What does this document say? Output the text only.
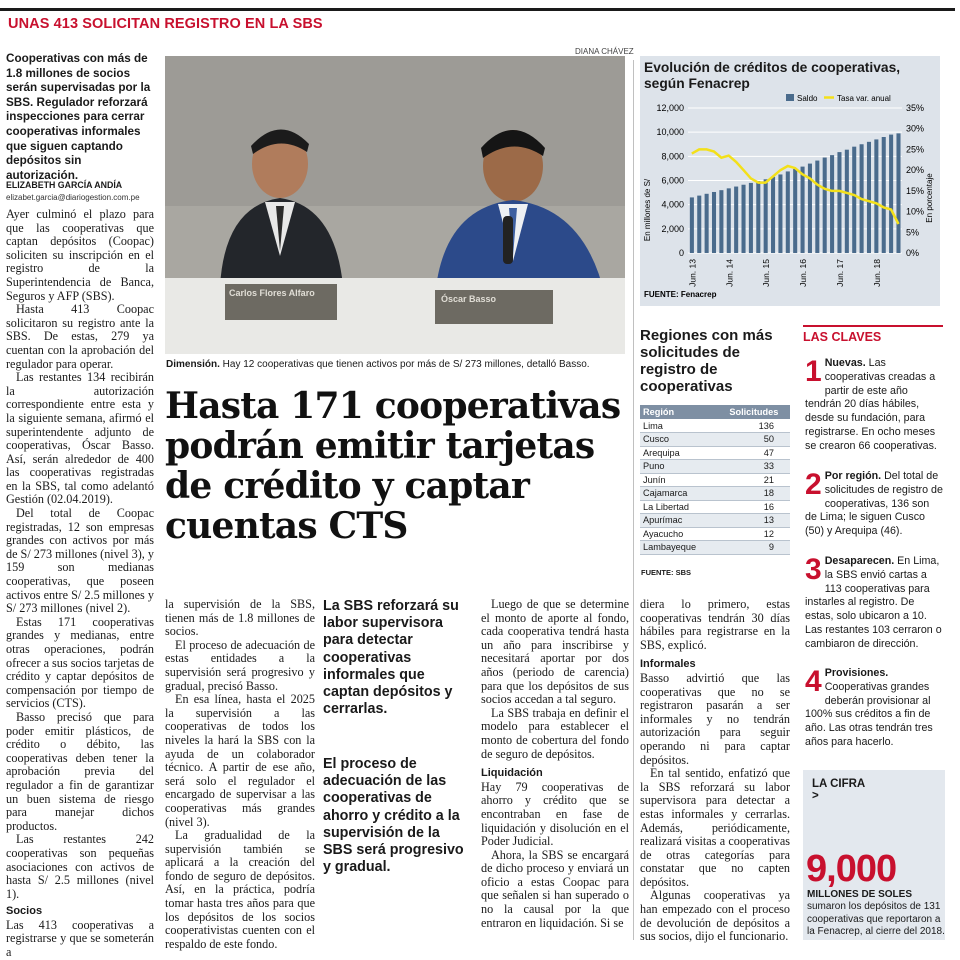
UNAS 413 SOLICITAN REGISTRO EN LA SBS
Cooperativas con más de 1.8 millones de socios serán supervisadas por la SBS. Regulador reforzará inspecciones para cerrar cooperativas informales que siguen captando depósitos sin autorización.
ELIZABETH GARCÍA ANDÍA
elizabet.garcia@diariogestion.com.pe

Ayer culminó el plazo para que las cooperativas que captan depósitos (Coopac) soliciten su inscripción en el registro de la Superintendencia de Banca, Seguros y AFP (SBS).

Hasta 413 Coopac solicitaron su registro ante la SBS. De estas, 279 ya cuentan con la aprobación del regulador para operar.

Las restantes 134 recibirán la autorización correspondiente entre esta y la siguiente semana, afirmó el superintendente adjunto de cooperativas, Óscar Basso. Así, serán alrededor de 400 las cooperativas registradas en la SBS, tal como adelantó Gestión (02.04.2019).

Del total de Coopac registradas, 12 son empresas grandes con activos por más de S/ 273 millones (nivel 3), y 159 son medianas cooperativas, que poseen activos entre S/ 2.5 millones y S/ 273 millones (nivel 2).

Estas 171 cooperativas grandes y medianas, entre otras operaciones, podrán ofrecer a sus socios tarjetas de crédito y captar depósitos de compensación por tiempo de servicios (CTS).

Basso precisó que para poder emitir plásticos, de crédito o débito, las cooperativas deben tener la aprobación previa del regulador a fin de garantizar un buen sistema de riesgo para manejar dichos productos.

Las restantes 242 cooperativas son pequeñas asociaciones con activos de hasta S/ 2.5 millones (nivel 1).

Socios

Las 413 cooperativas a registrarse y que se someterán a

DIANA CHÁVEZ
Carlos Flores Alfaro
Óscar Basso
Dimensión. Hay 12 cooperativas que tienen activos por más de S/ 273 millones, detalló Basso.
Hasta 171 cooperativas podrán emitir tarjetas de crédito y captar cuentas CTS

la supervisión de la SBS, tienen más de 1.8 millones de socios.

El proceso de adecuación de estas entidades a la supervisión será progresivo y gradual, precisó Basso.

En esa línea, hasta el 2025 la supervisión a las cooperativas de todos los niveles la hará la SBS con la ayuda de un colaborador técnico. A partir de ese año, será solo el regulador el encargado de supervisar a las cooperativas más grandes (nivel 3).

La gradualidad de la supervisión también se aplicará a la creación del fondo de seguro de depósitos. Así, en la práctica, podría tomar hasta tres años para que los depósitos de los socios cooperativistas cuenten con el respaldo de este fondo.

La SBS reforzará su labor supervisora para detectar cooperativas informales que captan depósitos y cerrarlas.
El proceso de adecuación de las cooperativas de ahorro y crédito a la supervisión de la SBS será progresivo y gradual.

Luego de que se determine el monto de aporte al fondo, cada cooperativa tendrá hasta un año para inscribirse y necesitará aportar por dos años (periodo de carencia) para que los depósitos de sus socios accedan a tal seguro.

La SBS trabaja en definir el modelo para establecer el monto de cobertura del fondo de seguro de depósitos.

Liquidación

Hay 79 cooperativas de ahorro y crédito que se encontraban en fase de liquidación y disolución en el Poder Judicial.

Ahora, la SBS se encargará de dicho proceso y enviará un oficio a estas Coopac para que señalen si han superado o no la causal por la que entraron en liquidación. Si se

diera lo primero, estas cooperativas tendrán 30 días hábiles para registrarse en la SBS, explicó.

Informales

Basso advirtió que las cooperativas que no se registraron pasarán a ser informales y no tendrán autorización para seguir operando ni para captar depósitos.

En tal sentido, enfatizó que la SBS reforzará su labor supervisora para detectar a estas informales y cerrarlas. Además, periódicamente, realizará visitas a cooperativas de otras categorías para constatar que no capten depósitos.

Algunas cooperativas ya han empezado con el proceso de devolución de depósitos a sus socios, dijo el funcionario.

Evolución de créditos de cooperativas, según Fenacrep
Saldo Tasa var. anual
0
2,000
4,000
6,000
8,000
10,000
12,000
0%
5%
10%
15%
20%
25%
30%
35%
Jun. 13	Jun. 14	Jun. 15	Jun. 16	Jun. 17	Jun. 18
En millones de S/	En porcentaje
FUENTE: Fenacrep
Regiones con más solicitudes de registro de cooperativas
Región	Solicitudes
Lima	136
Cusco	50
Arequipa	47
Puno	33
Junín	21
Cajamarca	18
La Libertad	16
Apurímac	13
Ayacucho	12
Lambayeque	9
FUENTE: SBS
LAS CLAVES
1 Nuevas. Las cooperativas creadas a partir de este año tendrán 20 días hábiles, desde su fundación, para registrarse. En ocho meses se crearon 66 cooperativas.
2 Por región. Del total de solicitudes de registro de cooperativas, 136 son de Lima; le siguen Cusco (50) y Arequipa (46).
3 Desaparecen. En Lima, la SBS envió cartas a 113 cooperativas para instarles al registro. De estas, solo ubicaron a 10. Las restantes 103 cerraron o cambiaron de dirección.
4 Provisiones. Cooperativas grandes deberán provisionar al 100% sus créditos a fin de año. Las otras tendrán tres años para hacerlo.
LA CIFRA
>
9,000
MILLONES DE SOLES
sumaron los depósitos de 131 cooperativas que reportaron a la Fenacrep, al cierre del 2018.
